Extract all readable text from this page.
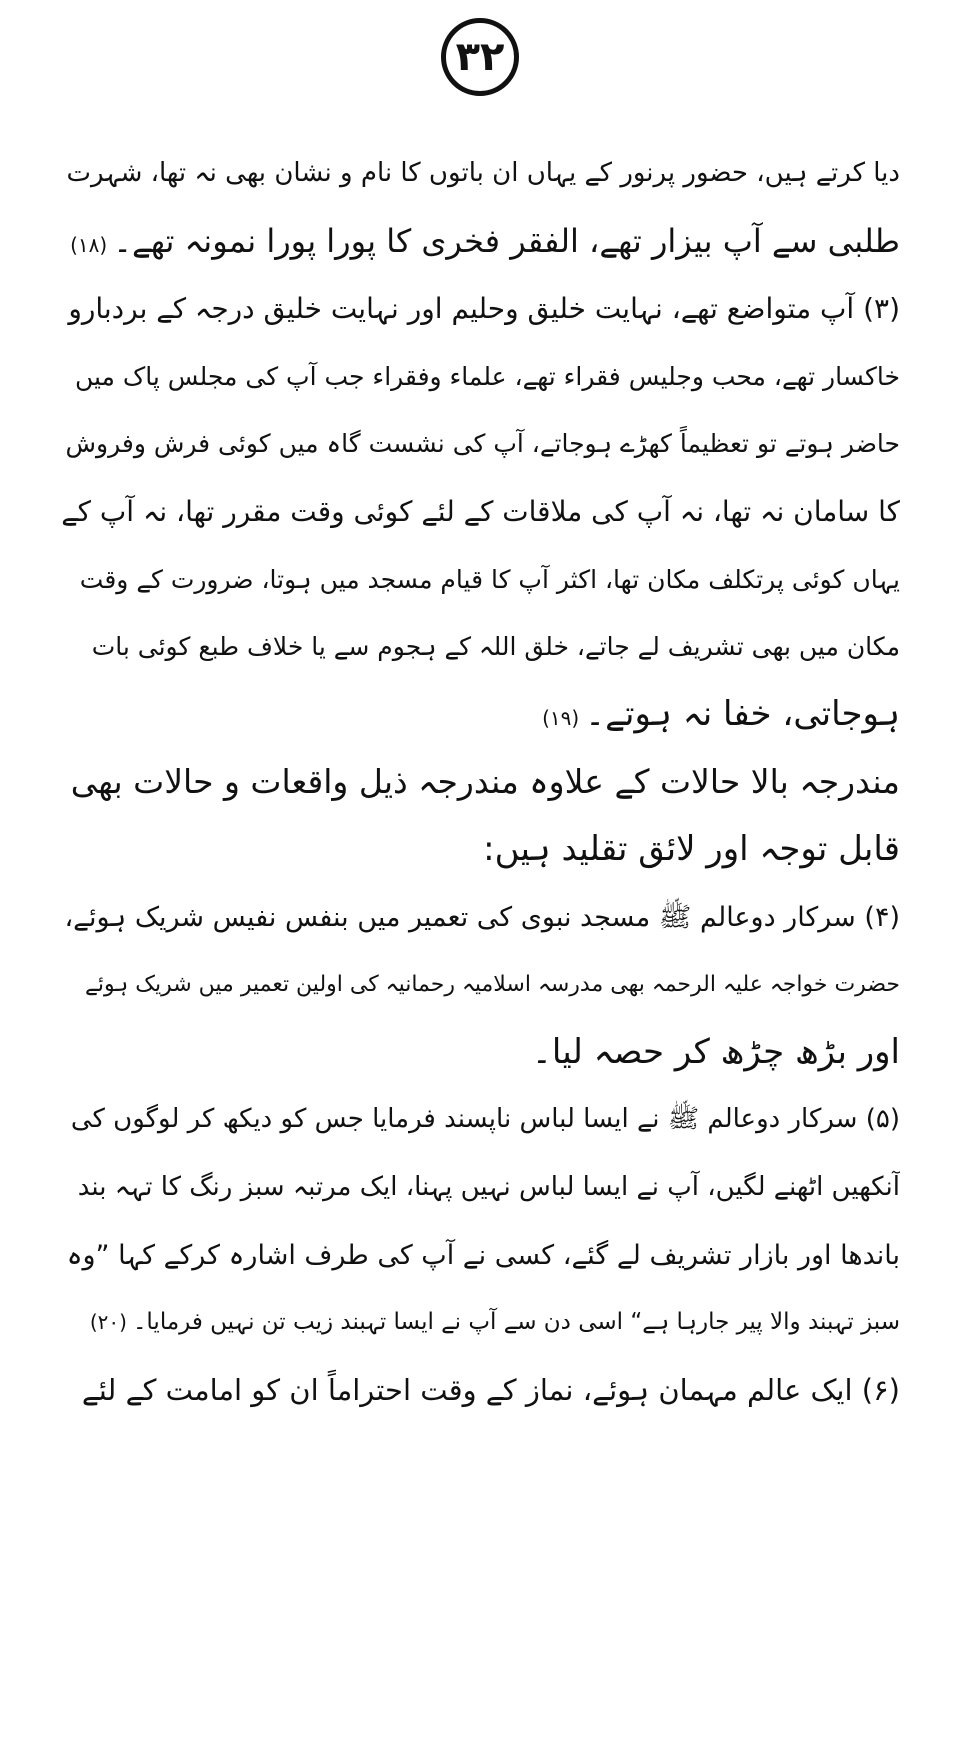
۳۲
دیا کرتے ہیں، حضور پرنور کے یہاں ان باتوں کا نام و نشان بھی نہ تھا، شہرت
طلبی سے آپ بیزار تھے، الفقر فخری کا پورا پورا نمونہ تھے۔(۱۸)
(۳) آپ متواضع تھے، نہایت خلیق وحلیم اور نہایت خلیق درجہ کے بردبارو
خاکسار تھے، محب وجلیس فقراء تھے، علماء وفقراء جب آپ کی مجلس پاک میں
حاضر ہوتے تو تعظیماً کھڑے ہوجاتے، آپ کی نشست گاہ میں کوئی فرش وفروش
کا سامان نہ تھا، نہ آپ کی ملاقات کے لئے کوئی وقت مقرر تھا، نہ آپ کے
یہاں کوئی پرتکلف مکان تھا، اکثر آپ کا قیام مسجد میں ہوتا، ضرورت کے وقت
مکان میں بھی تشریف لے جاتے، خلق اللہ کے ہجوم سے یا خلاف طبع کوئی بات
ہوجاتی، خفا نہ ہوتے۔(۱۹)
مندرجہ بالا حالات کے علاوہ مندرجہ ذیل واقعات و حالات بھی
قابل توجہ اور لائق تقلید ہیں:
(۴) سرکار دوعالم ﷺ مسجد نبوی کی تعمیر میں بنفس نفیس شریک ہوئے،
حضرت خواجہ علیہ الرحمہ بھی مدرسہ اسلامیہ رحمانیہ کی اولین تعمیر میں شریک ہوئے
اور بڑھ چڑھ کر حصہ لیا۔
(۵) سرکار دوعالم ﷺ نے ایسا لباس ناپسند فرمایا جس کو دیکھ کر لوگوں کی
آنکھیں اٹھنے لگیں، آپ نے ایسا لباس نہیں پہنا، ایک مرتبہ سبز رنگ کا تہہ بند
باندھا اور بازار تشریف لے گئے، کسی نے آپ کی طرف اشارہ کرکے کہا ”وہ
سبز تہبند والا پیر جارہا ہے“ اسی دن سے آپ نے ایسا تہبند زیب تن نہیں فرمایا۔(۲۰)
(۶) ایک عالم مہمان ہوئے، نماز کے وقت احتراماً ان کو امامت کے لئے
